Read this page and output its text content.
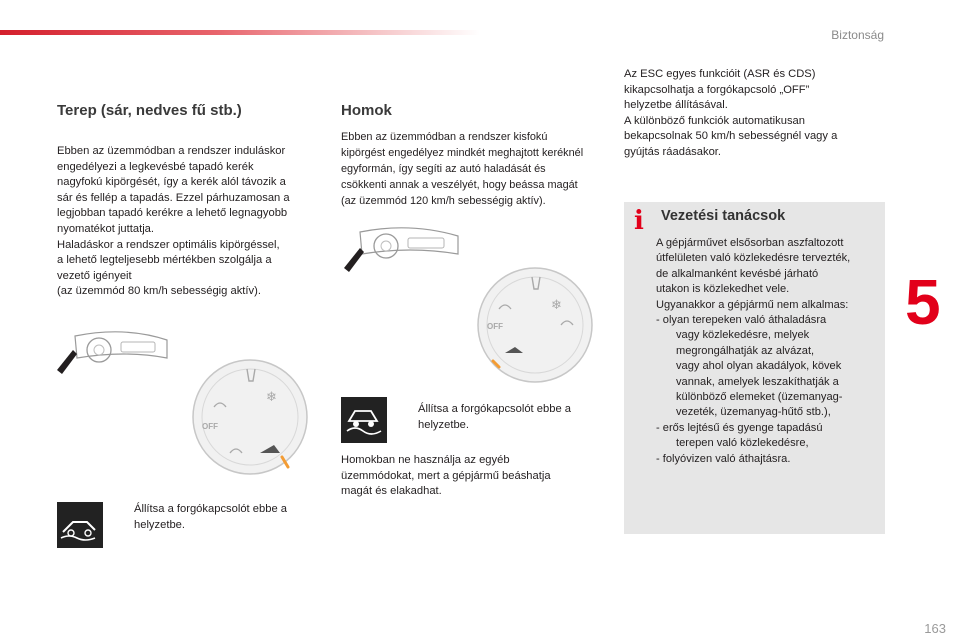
Biztonság
5
163
Terep (sár, nedves fű stb.)
Ebben az üzemmódban a rendszer induláskor
engedélyezi a legkevésbé tapadó kerék
nagyfokú kipörgését, így a kerék alól távozik a
sár és fellép a tapadás. Ezzel párhuzamosan a
legjobban tapadó kerékre a lehető legnagyobb
nyomatékot juttatja.
Haladáskor a rendszer optimális kipörgéssel,
a lehető legteljesebb mértékben szolgálja a
vezető igényeit
(az üzemmód 80 km/h sebességig aktív).
❄
OFF
Állítsa a forgókapcsolót ebbe a
helyzetbe.
Homok
Ebben az üzemmódban a rendszer kisfokú
kipörgést engedélyez mindkét meghajtott keréknél
egyformán, így segíti az autó haladását és
csökkenti annak a veszélyét, hogy beássa magát
(az üzemmód 120 km/h sebességig aktív).
❄
OFF
Állítsa a forgókapcsolót ebbe a
helyzetbe.
Homokban ne használja az egyéb
üzemmódokat, mert a gépjármű beáshatja
magát és elakadhat.
Az ESC egyes funkcióit (ASR és CDS)
kikapcsolhatja a forgókapcsoló „OFF”
helyzetbe állításával.
A különböző funkciók automatikusan
bekapcsolnak 50 km/h sebességnél vagy a
gyújtás ráadásakor.
i Vezetési tanácsok
A gépjárművet elsősorban aszfaltozott
útfelületen való közlekedésre tervezték,
de alkalmanként kevésbé járható
utakon is közlekedhet vele.
Ugyanakkor a gépjármű nem alkalmas:
- olyan terepeken való áthaladásra
vagy közlekedésre, melyek
megrongálhatják az alvázat,
vagy ahol olyan akadályok, kövek
vannak, amelyek leszakíthatják a
különböző elemeket (üzemanyag-
vezeték, üzemanyag-hűtő stb.),
- erős lejtésű és gyenge tapadású
terepen való közlekedésre,
- folyóvizen való áthajtásra.
